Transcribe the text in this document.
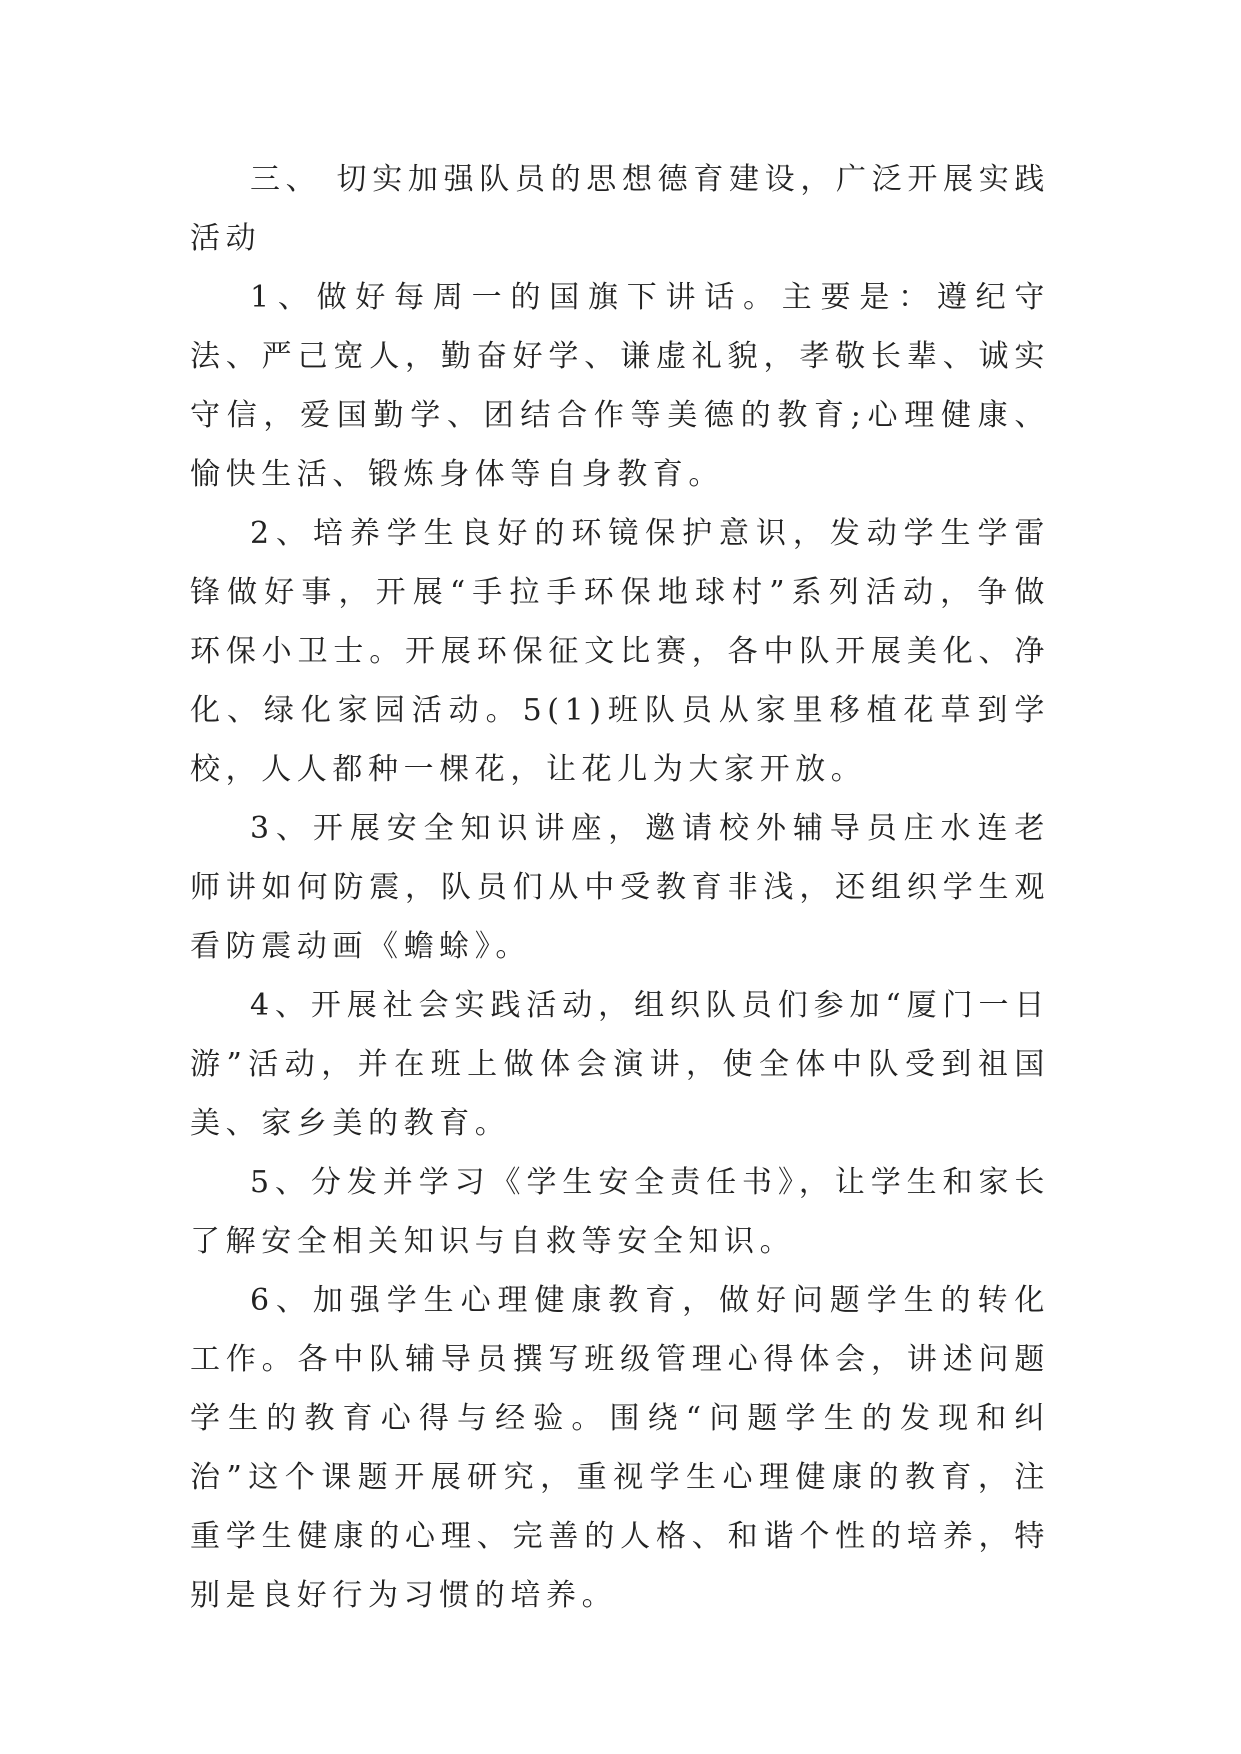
三、 切实加强队员的思想德育建设，广泛开展实践活动

1、做好每周一的国旗下讲话。主要是：遵纪守法、严己宽人，勤奋好学、谦虚礼貌，孝敬长辈、诚实守信，爱国勤学、团结合作等美德的教育;心理健康、愉快生活、锻炼身体等自身教育。

2、培养学生良好的环镜保护意识，发动学生学雷锋做好事，开展“手拉手环保地球村”系列活动，争做环保小卫士。开展环保征文比赛，各中队开展美化、净化、绿化家园活动。5(1)班队员从家里移植花草到学校，人人都种一棵花，让花儿为大家开放。

3、开展安全知识讲座，邀请校外辅导员庄水连老师讲如何防震，队员们从中受教育非浅，还组织学生观看防震动画《蟾蜍》。

4、开展社会实践活动，组织队员们参加“厦门一日游”活动，并在班上做体会演讲，使全体中队受到祖国美、家乡美的教育。

5、分发并学习《学生安全责任书》，让学生和家长了解安全相关知识与自救等安全知识。

6、加强学生心理健康教育，做好问题学生的转化工作。各中队辅导员撰写班级管理心得体会，讲述问题学生的教育心得与经验。围绕“问题学生的发现和纠治”这个课题开展研究，重视学生心理健康的教育，注重学生健康的心理、完善的人格、和谐个性的培养，特别是良好行为习惯的培养。
